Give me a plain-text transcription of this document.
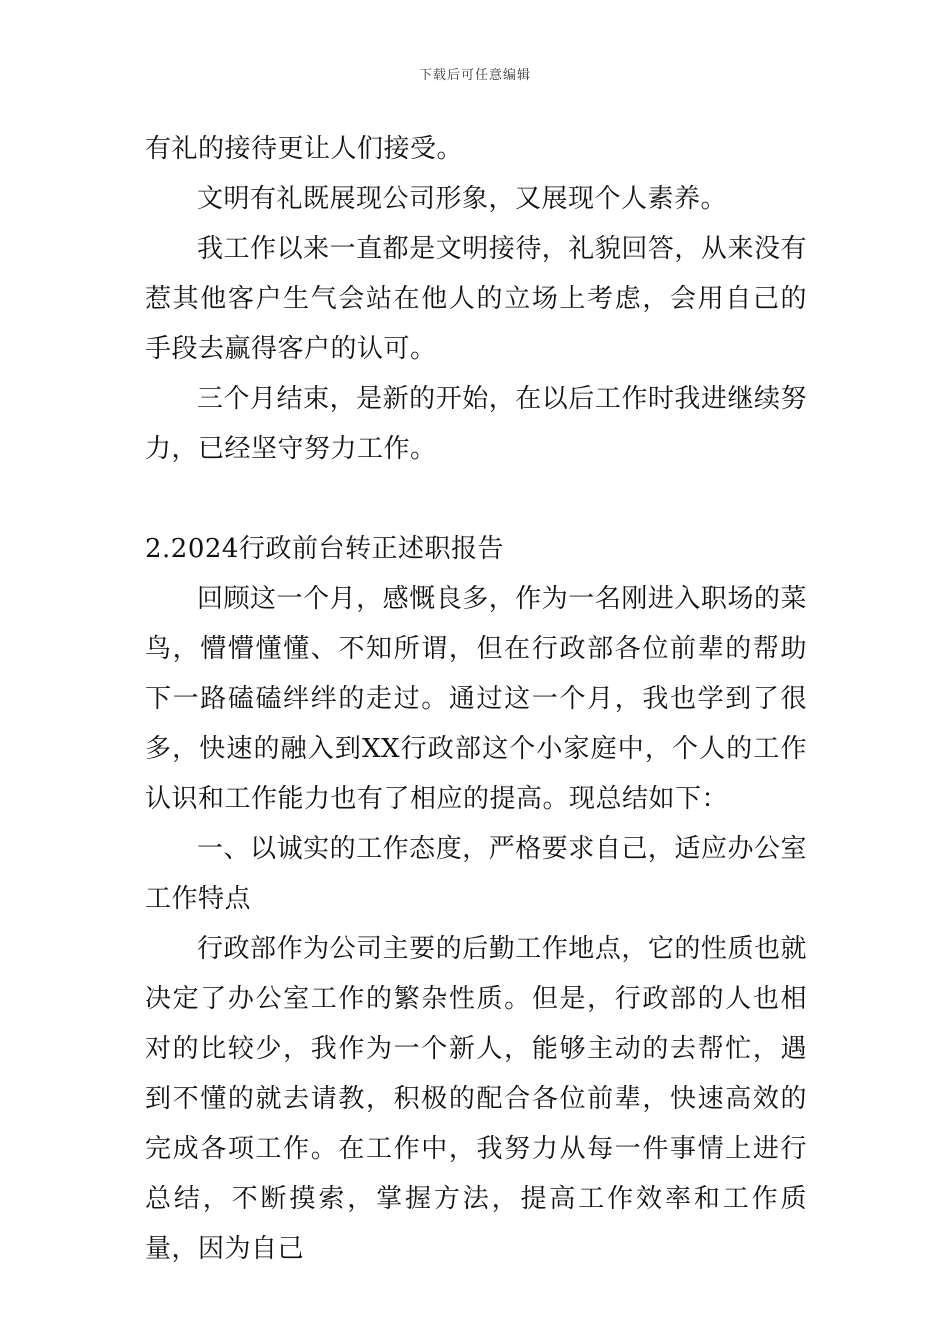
下载后可任意编辑

有礼的接待更让人们接受。

文明有礼既展现公司形象，又展现个人素养。

我工作以来一直都是文明接待，礼貌回答，从来没有惹其他客户生气会站在他人的立场上考虑，会用自己的手段去赢得客户的认可。

三个月结束，是新的开始，在以后工作时我进继续努力，已经坚守努力工作。

2.2024行政前台转正述职报告

回顾这一个月，感慨良多，作为一名刚进入职场的菜鸟，懵懵懂懂、不知所谓，但在行政部各位前辈的帮助下一路磕磕绊绊的走过。通过这一个月，我也学到了很多，快速的融入到XX行政部这个小家庭中，个人的工作认识和工作能力也有了相应的提高。现总结如下：

一、以诚实的工作态度，严格要求自己，适应办公室工作特点

行政部作为公司主要的后勤工作地点，它的性质也就决定了办公室工作的繁杂性质。但是，行政部的人也相对的比较少，我作为一个新人，能够主动的去帮忙，遇到不懂的就去请教，积极的配合各位前辈，快速高效的完成各项工作。在工作中，我努力从每一件事情上进行总结，不断摸索，掌握方法，提高工作效率和工作质量，因为自己
